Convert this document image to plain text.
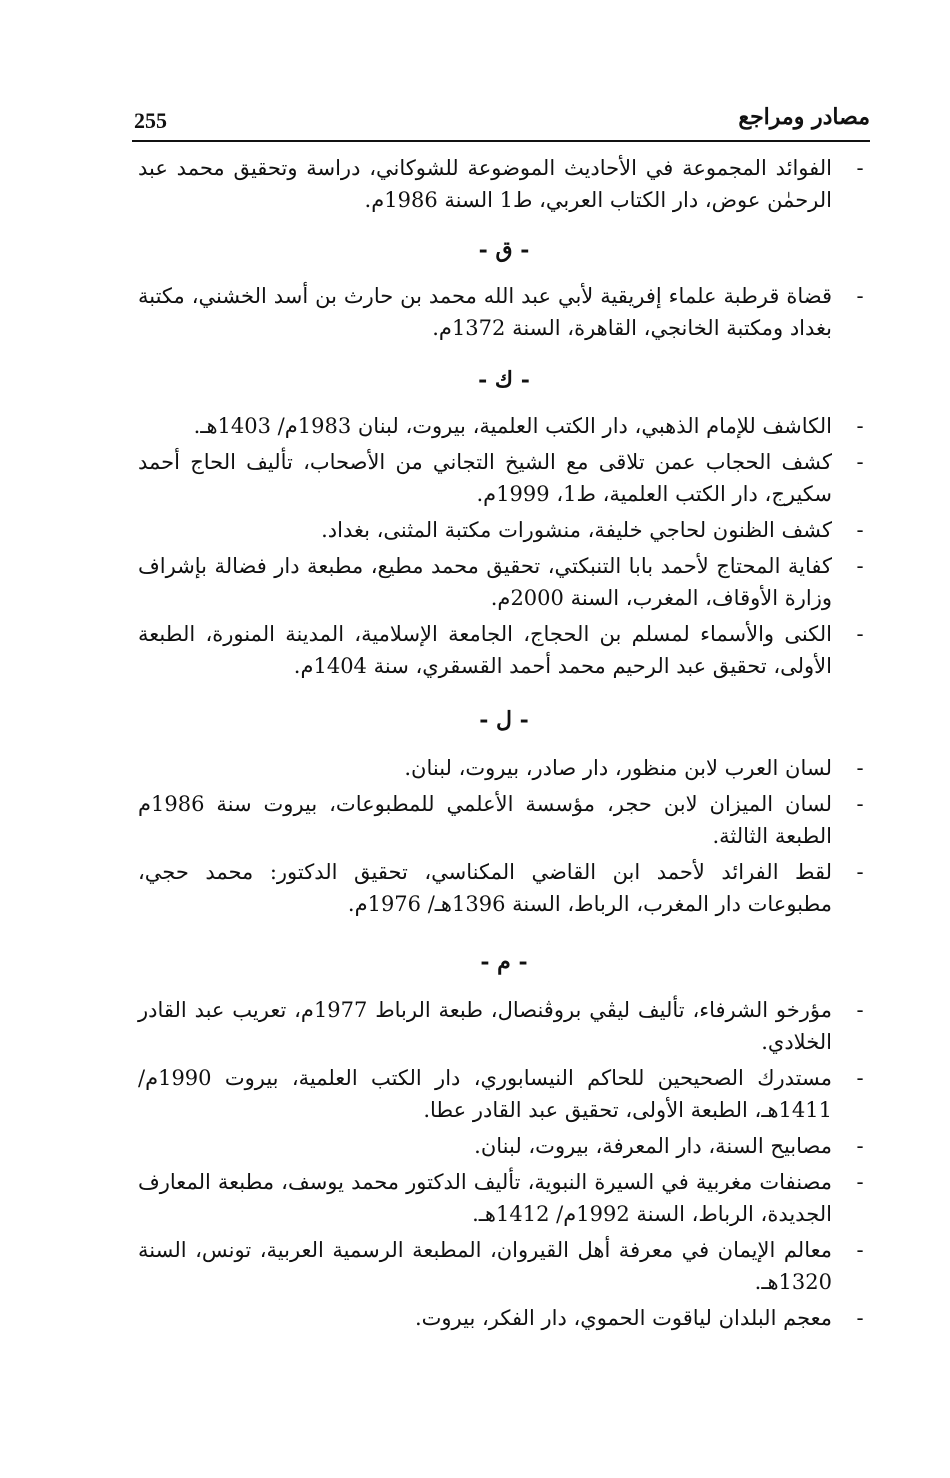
255	مصادر ومراجع
-
الفوائد المجموعة في الأحاديث الموضوعة للشوكاني، دراسة وتحقيق محمد عبد الرحمٰن عوض، دار الكتاب العربي، ط1 السنة 1986م.
- ق -
-
قضاة قرطبة علماء إفريقية لأبي عبد الله محمد بن حارث بن أسد الخشني، مكتبة بغداد ومكتبة الخانجي، القاهرة، السنة 1372م.
- ك -
-
الكاشف للإمام الذهبي، دار الكتب العلمية، بيروت، لبنان 1983م/ 1403هـ.
-
كشف الحجاب عمن تلاقى مع الشيخ التجاني من الأصحاب، تأليف الحاج أحمد سكيرج، دار الكتب العلمية، ط1، 1999م.
-
كشف الظنون لحاجي خليفة، منشورات مكتبة المثنى، بغداد.
-
كفاية المحتاج لأحمد بابا التنبكتي، تحقيق محمد مطيع، مطبعة دار فضالة بإشراف وزارة الأوقاف، المغرب، السنة 2000م.
-
الكنى والأسماء لمسلم بن الحجاج، الجامعة الإسلامية، المدينة المنورة، الطبعة الأولى، تحقيق عبد الرحيم محمد أحمد القسقري، سنة 1404م.
- ل -
-
لسان العرب لابن منظور، دار صادر، بيروت، لبنان.
-
لسان الميزان لابن حجر، مؤسسة الأعلمي للمطبوعات، بيروت سنة 1986م الطبعة الثالثة.
-
لقط الفرائد لأحمد ابن القاضي المكناسي، تحقيق الدكتور: محمد حجي، مطبوعات دار المغرب، الرباط، السنة 1396هـ/ 1976م.
- م -
-
مؤرخو الشرفاء، تأليف ليڤي بروڤنصال، طبعة الرباط 1977م، تعريب عبد القادر الخلادي.
-
مستدرك الصحيحين للحاكم النيسابوري، دار الكتب العلمية، بيروت 1990م/ 1411هـ، الطبعة الأولى، تحقيق عبد القادر عطا.
-
مصابيح السنة، دار المعرفة، بيروت، لبنان.
-
مصنفات مغربية في السيرة النبوية، تأليف الدكتور محمد يوسف، مطبعة المعارف الجديدة، الرباط، السنة 1992م/ 1412هـ.
-
معالم الإيمان في معرفة أهل القيروان، المطبعة الرسمية العربية، تونس، السنة 1320هـ.
-
معجم البلدان لياقوت الحموي، دار الفكر، بيروت.
